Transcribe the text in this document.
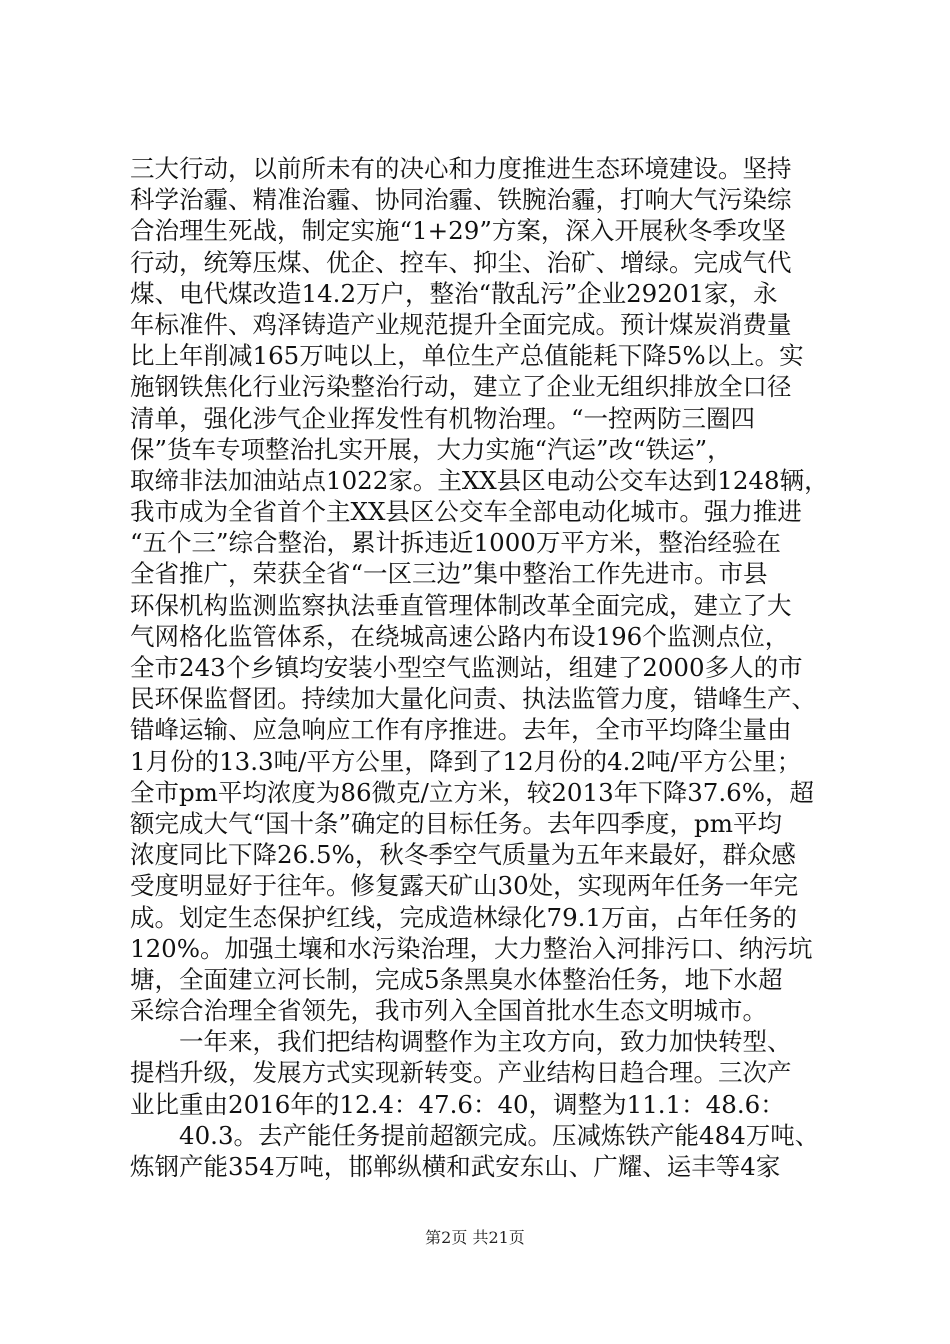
三大行动，以前所未有的决心和力度推进生态环境建设。坚持
科学治霾、精准治霾、协同治霾、铁腕治霾，打响大气污染综
合治理生死战，制定实施“1+29”方案，深入开展秋冬季攻坚
行动，统筹压煤、优企、控车、抑尘、治矿、增绿。完成气代
煤、电代煤改造14.2万户，整治“散乱污”企业29201家，永
年标准件、鸡泽铸造产业规范提升全面完成。预计煤炭消费量
比上年削减165万吨以上，单位生产总值能耗下降5%以上。实
施钢铁焦化行业污染整治行动，建立了企业无组织排放全口径
清单，强化涉气企业挥发性有机物治理。“一控两防三圈四
保”货车专项整治扎实开展，大力实施“汽运”改“铁运”，
取缔非法加油站点1022家。主XX县区电动公交车达到1248辆，
我市成为全省首个主XX县区公交车全部电动化城市。强力推进
“五个三”综合整治，累计拆违近1000万平方米，整治经验在
全省推广，荣获全省“一区三边”集中整治工作先进市。市县
环保机构监测监察执法垂直管理体制改革全面完成，建立了大
气网格化监管体系，在绕城高速公路内布设196个监测点位，
全市243个乡镇均安装小型空气监测站，组建了2000多人的市
民环保监督团。持续加大量化问责、执法监管力度，错峰生产、
错峰运输、应急响应工作有序推进。去年，全市平均降尘量由
1月份的13.3吨/平方公里，降到了12月份的4.2吨/平方公里；
全市pm平均浓度为86微克/立方米，较2013年下降37.6%，超
额完成大气“国十条”确定的目标任务。去年四季度，pm平均
浓度同比下降26.5%，秋冬季空气质量为五年来最好，群众感
受度明显好于往年。修复露天矿山30处，实现两年任务一年完
成。划定生态保护红线，完成造林绿化79.1万亩，占年任务的
120%。加强土壤和水污染治理，大力整治入河排污口、纳污坑
塘，全面建立河长制，完成5条黑臭水体整治任务，地下水超
采综合治理全省领先，我市列入全国首批水生态文明城市。
一年来，我们把结构调整作为主攻方向，致力加快转型、
提档升级，发展方式实现新转变。产业结构日趋合理。三次产
业比重由2016年的12.4：47.6：40，调整为11.1：48.6：
40.3。去产能任务提前超额完成。压减炼铁产能484万吨、
炼钢产能354万吨，邯郸纵横和武安东山、广耀、运丰等4家
第2页 共21页
